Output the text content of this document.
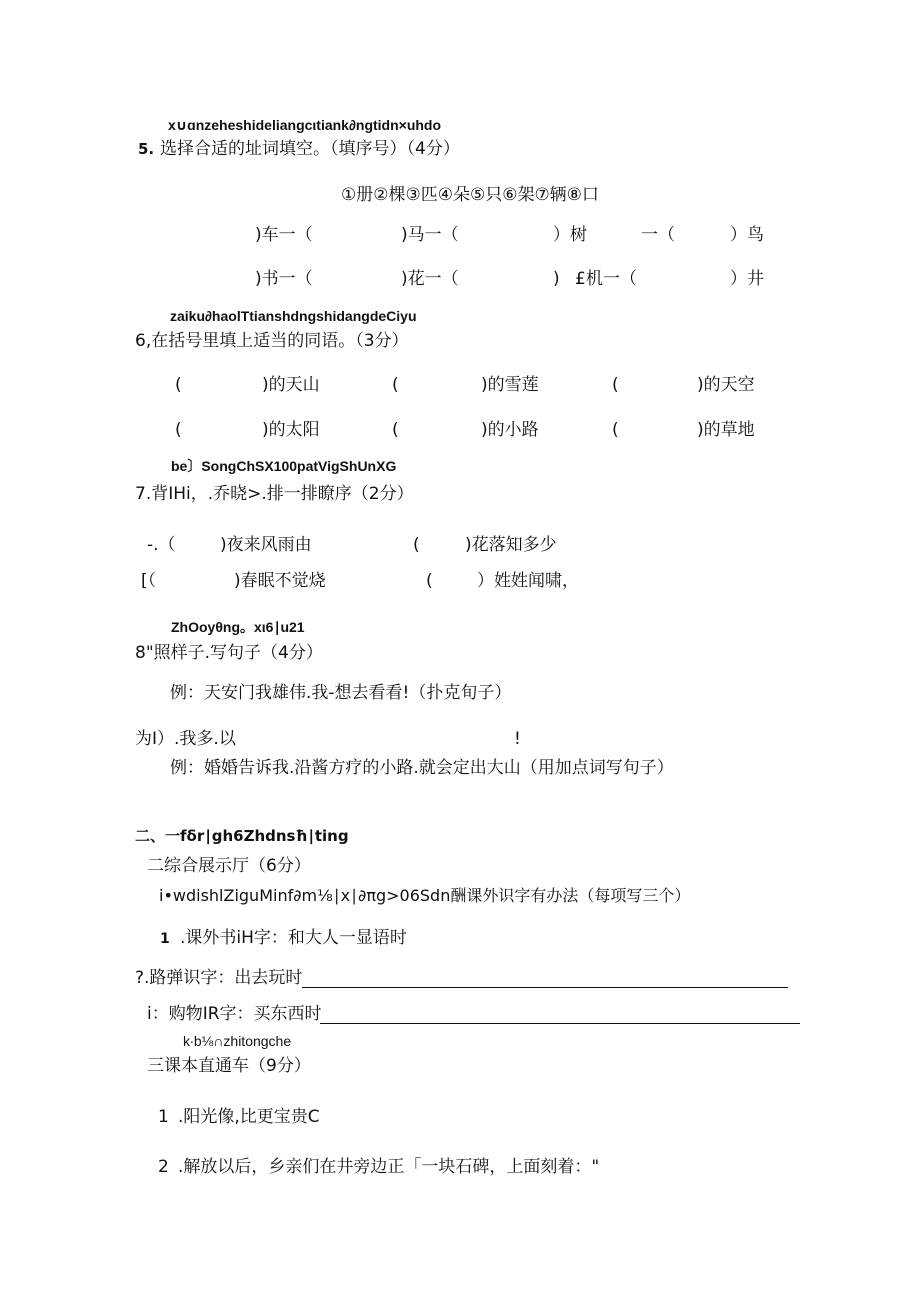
x∪ɑnzeheshideliangcιtiank∂ngtidn×uhdo
5. 选择合适的址词填空。（填序号）（4分）
①册②棵③匹④朵⑤只⑥架⑦辆⑧口
)车一（	)马一（	）树	一（	）鸟
)书一（	)花一（	) £机一（	）井
zaiku∂haolTtianshdngshidangdeCiyu
6,在括号里填上适当的同语。（3分）
(	)的天山	(	)的雪莲	(	)的天空
(	)的太阳	(	)的小路	(	)的草地
be〕SongChSX100patVigShUnXG
7.背IHi，.乔晓>.排一排瞭序（2分）
-.（	)夜来风雨由	(	)花落知多少
[（	)春眠不觉烧	(	）姓姓闻啸，
ZhOoyθng。xι6∣u21
8"照样子.写句子（4分）
例：天安门我雄伟.我-想去看看!（扑克旬子）
为I）.我多.以	!
例：婚婚告诉我.沿酱方疗的小路.就会定出大山（用加点词写句子）
二、一fδr∣gh6Zhdnsħ∣ting
二综合展示厅（6分）
i•wdishlZiguMinf∂m⅛∣x∣∂πg>06Sdn酬课外识字有办法（每项写三个）
1 .课外书iH字：和大人一显语时
?.路弹识字：出去玩时
i：购物IR字：买东西时
k∙b⅛∩zhitongche
三课本直通车（9分）
1 .阳光像,比更宝贵C
2 .解放以后，乡亲们在井旁边正「一块石碑，上面刻着："
